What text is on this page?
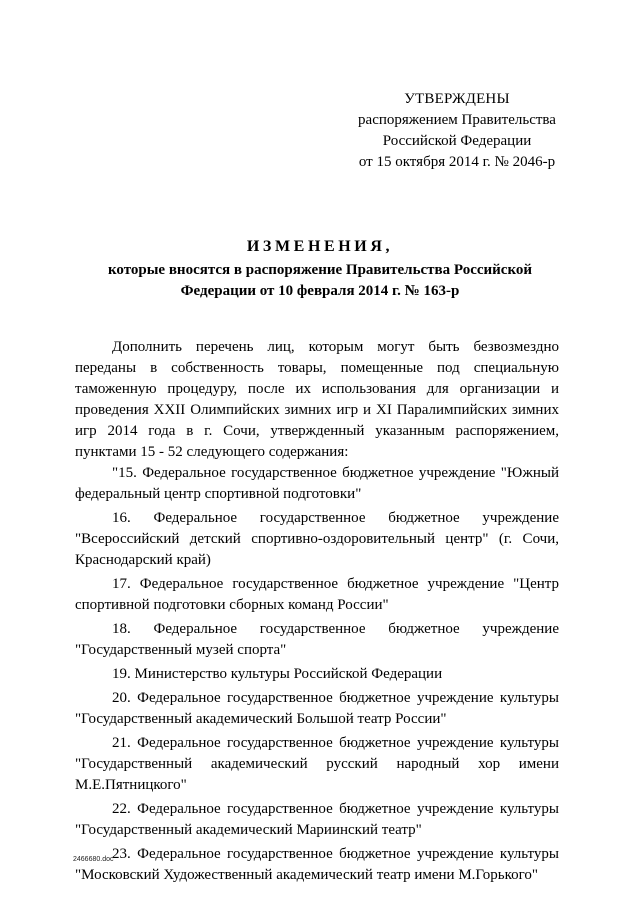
УТВЕРЖДЕНЫ
распоряжением Правительства
Российской Федерации
от 15 октября 2014 г. № 2046-р
ИЗМЕНЕНИЯ,
которые вносятся в распоряжение Правительства Российской Федерации от 10 февраля 2014 г. № 163-р

Дополнить перечень лиц, которым могут быть безвозмездно переданы в собственность товары, помещенные под специальную таможенную процедуру, после их использования для организации и проведения XXII Олимпийских зимних игр и XI Паралимпийских зимних игр 2014 года в г. Сочи, утвержденный указанным распоряжением, пунктами 15 - 52 следующего содержания:

"15. Федеральное государственное бюджетное учреждение "Южный федеральный центр спортивной подготовки"
16. Федеральное государственное бюджетное учреждение "Всероссийский детский спортивно-оздоровительный центр" (г. Сочи, Краснодарский край)
17. Федеральное государственное бюджетное учреждение "Центр спортивной подготовки сборных команд России"
18. Федеральное государственное бюджетное учреждение "Государственный музей спорта"
19. Министерство культуры Российской Федерации
20. Федеральное государственное бюджетное учреждение культуры "Государственный академический Большой театр России"
21. Федеральное государственное бюджетное учреждение культуры "Государственный академический русский народный хор имени М.Е.Пятницкого"
22. Федеральное государственное бюджетное учреждение культуры "Государственный академический Мариинский театр"
23. Федеральное государственное бюджетное учреждение культуры "Московский Художественный академический театр имени М.Горького"
2466680.doc
